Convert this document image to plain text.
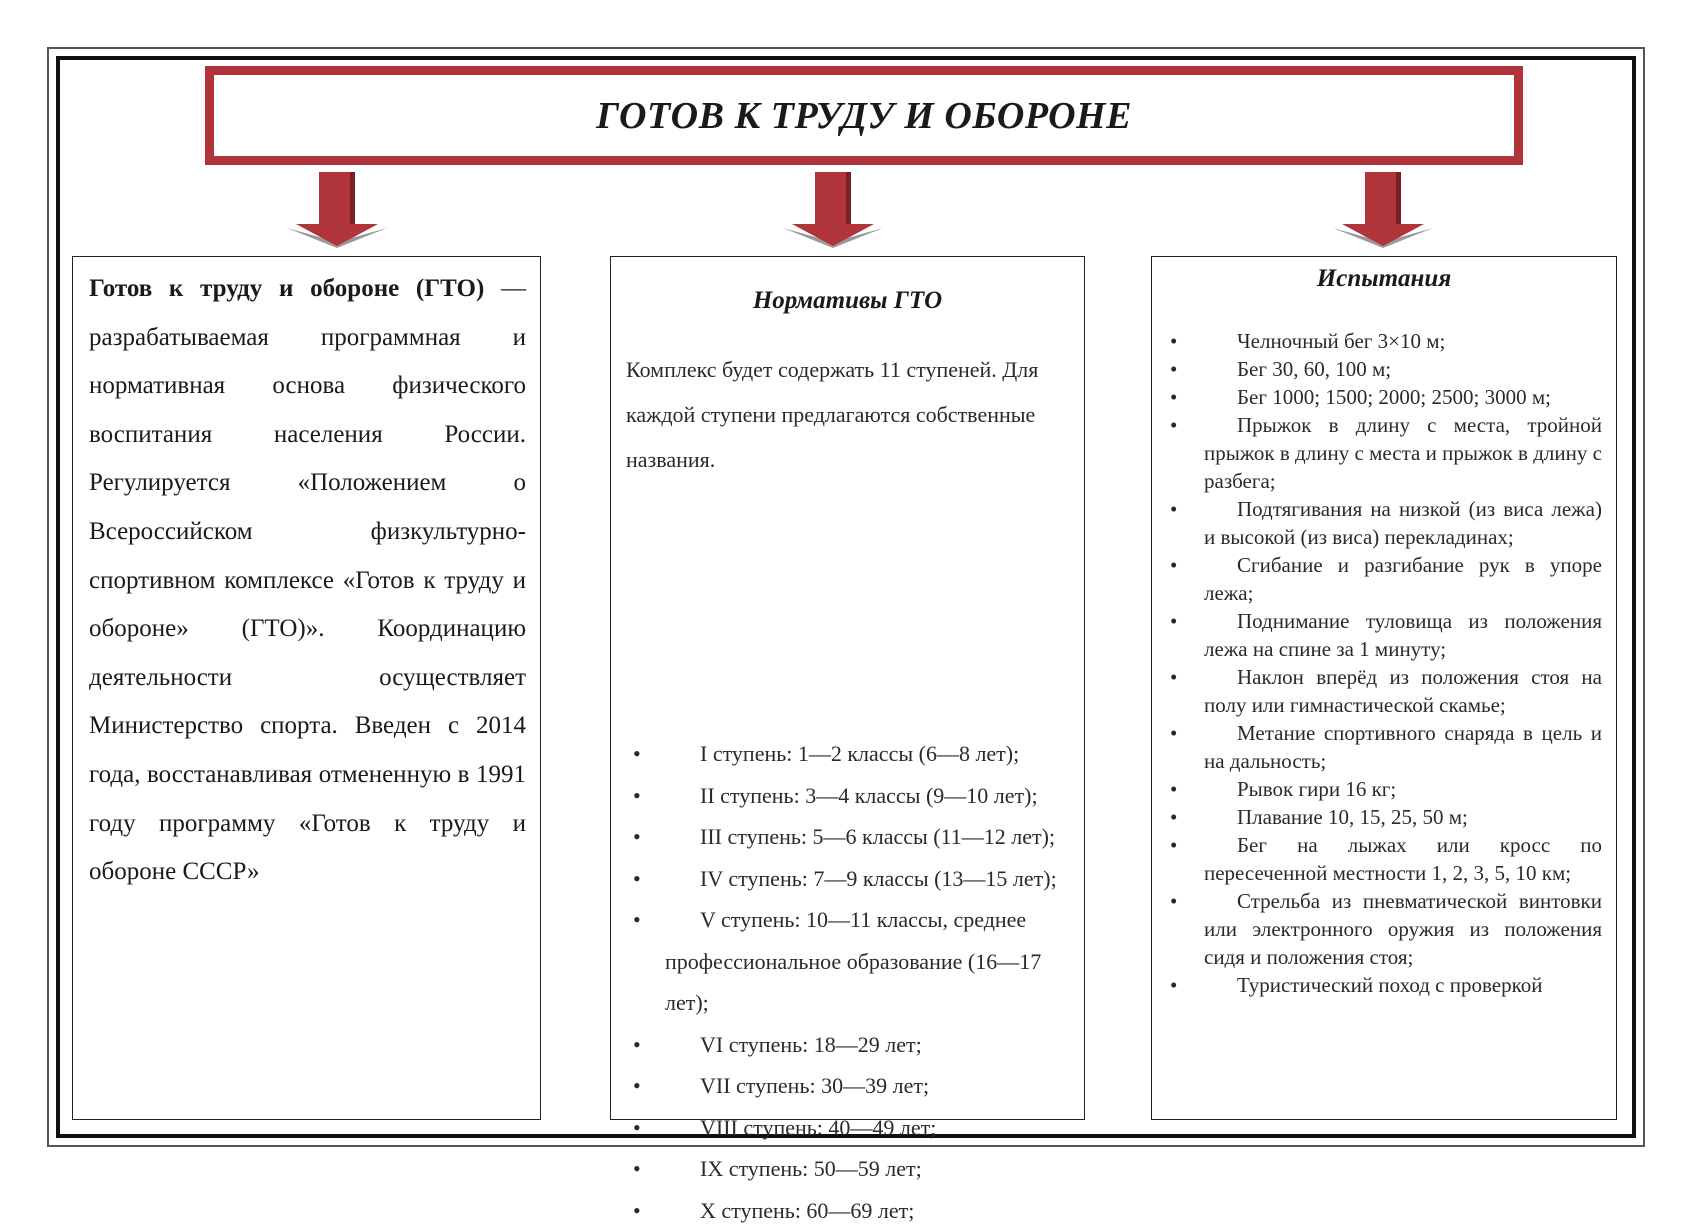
ГОТОВ К ТРУДУ И ОБОРОНЕ

Готов к труду и обороне (ГТО) — разрабатываемая программная и нормативная основа физического воспитания населения России. Регулируется «Положением о Всероссийском физкультурно-спортивном комплексе «Готов к труду и обороне» (ГТО)». Координацию деятельности осуществляет Министерство спорта. Введен с 2014 года, восстанавливая отмененную в 1991 году программу «Готов к труду и обороне СССР»

Нормативы ГТО

Комплекс будет содержать 11 ступеней. Для каждой ступени предлагаются собственные названия.

•	I ступень: 1—2 классы (6—8 лет);
•	II ступень: 3—4 классы (9—10 лет);
•	III ступень: 5—6 классы (11—12 лет);
•	IV ступень: 7—9 классы (13—15 лет);
•	V ступень: 10—11 классы, среднее профессиональное образование (16—17 лет);
•	VI ступень: 18—29 лет;
•	VII ступень: 30—39 лет;
•	VIII ступень: 40—49 лет;
•	IX ступень: 50—59 лет;
•	X ступень: 60—69 лет;

Испытания

•	Челночный бег 3×10 м;
•	Бег 30, 60, 100 м;
•	Бег 1000; 1500; 2000; 2500; 3000 м;
•	Прыжок в длину с места, тройной прыжок в длину с места и прыжок в длину с разбега;
•	Подтягивания на низкой (из виса лежа) и высокой (из виса) перекладинах;
•	Сгибание и разгибание рук в упоре лежа;
•	Поднимание туловища из положения лежа на спине за 1 минуту;
•	Наклон вперёд из положения стоя на полу или гимнастической скамье;
•	Метание спортивного снаряда в цель и на дальность;
•	Рывок гири 16 кг;
•	Плавание 10, 15, 25, 50 м;
•	Бег на лыжах или кросс по пересеченной местности 1, 2, 3, 5, 10 км;
•	Стрельба из пневматической винтовки или электронного оружия из положения сидя и положения стоя;
•	Туристический поход с проверкой
